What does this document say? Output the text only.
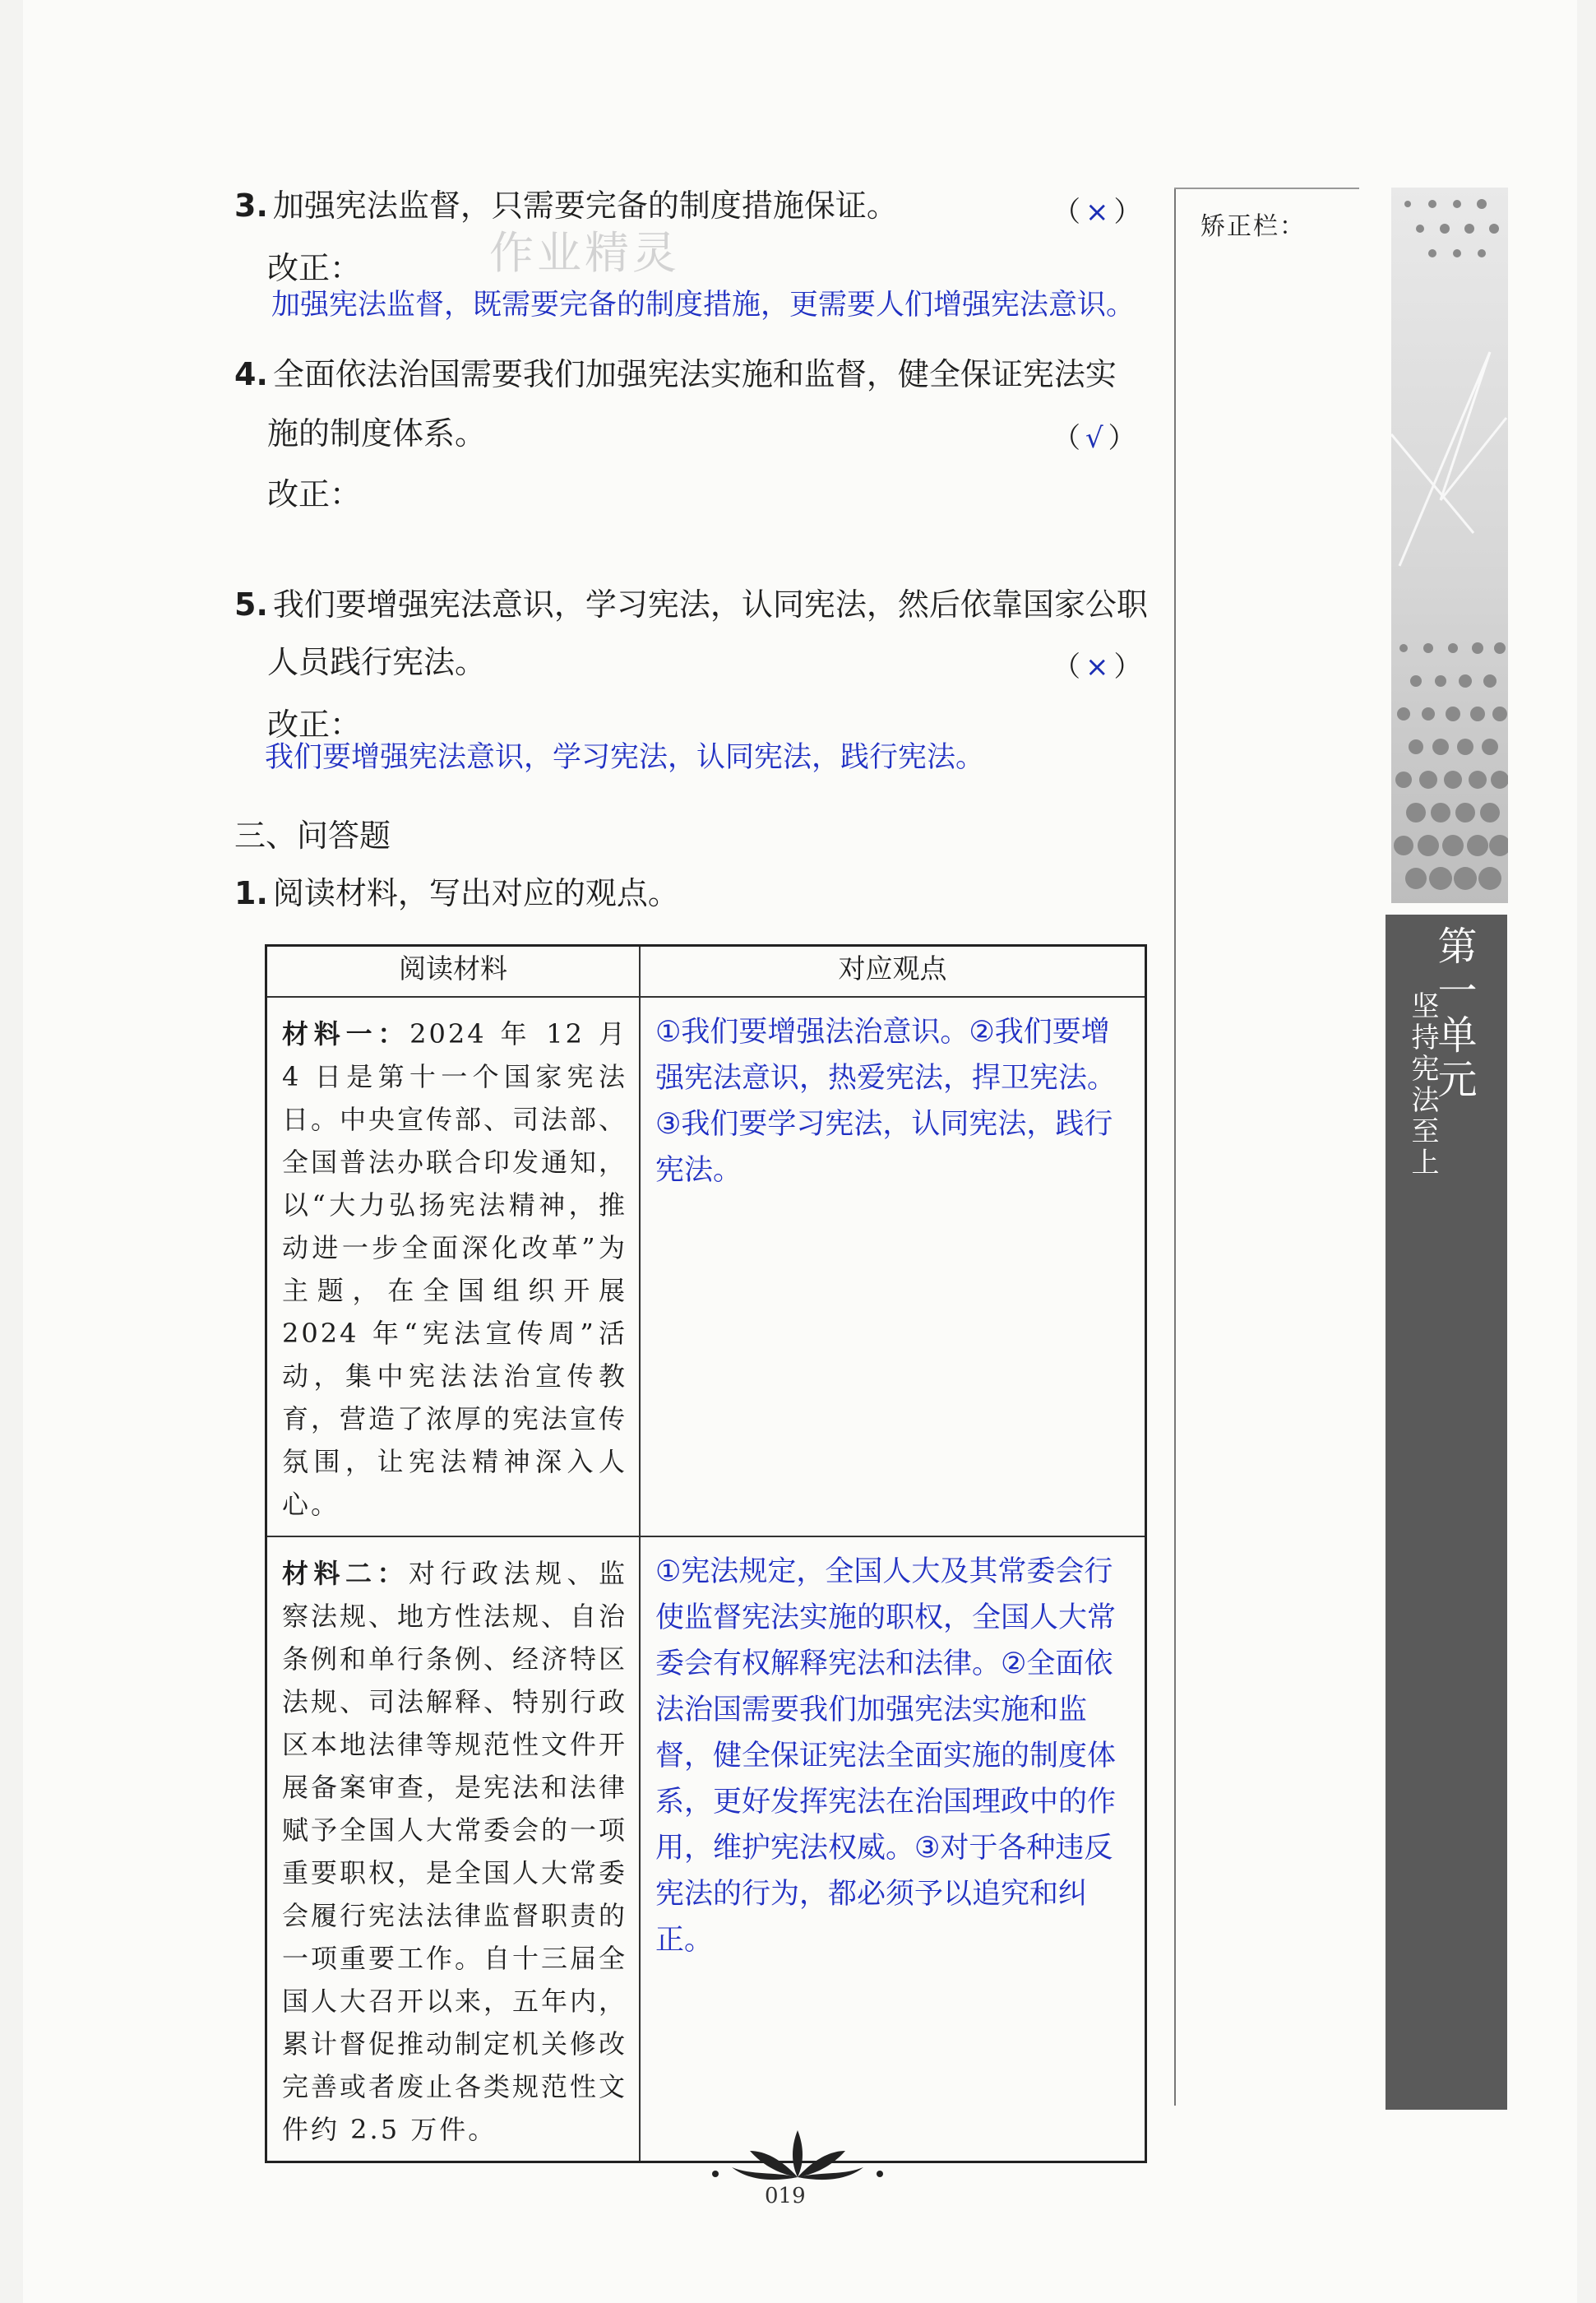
作业精灵
3. 加强宪法监督，只需要完备的制度措施保证。	（×）
改正：
加强宪法监督，既需要完备的制度措施，更需要人们增强宪法意识。
4. 全面依法治国需要我们加强宪法实施和监督，健全保证宪法实
施的制度体系。	（√）
改正：
5. 我们要增强宪法意识，学习宪法，认同宪法，然后依靠国家公职
人员践行宪法。	（×）
改正：
我们要增强宪法意识，学习宪法，认同宪法，践行宪法。
三、问答题
1. 阅读材料，写出对应的观点。
阅读材料	对应观点
材料一：2024 年 12 月 4 日是第十一个国家宪法日。中央宣传部、司法部、全国普法办联合印发通知，以“大力弘扬宪法精神，推动进一步全面深化改革”为主题，在全国组织开展 2024 年“宪法宣传周”活动，集中宪法法治宣传教育，营造了浓厚的宪法宣传氛围，让宪法精神深入人心。	①我们要增强法治意识。②我们要增强宪法意识，热爱宪法，捍卫宪法。③我们要学习宪法，认同宪法，践行宪法。
材料二：对行政法规、监察法规、地方性法规、自治条例和单行条例、经济特区法规、司法解释、特别行政区本地法律等规范性文件开展备案审查，是宪法和法律赋予全国人大常委会的一项重要职权，是全国人大常委会履行宪法法律监督职责的一项重要工作。自十三届全国人大召开以来，五年内，累计督促推动制定机关修改完善或者废止各类规范性文件约 2.5 万件。	①宪法规定，全国人大及其常委会行使监督宪法实施的职权，全国人大常委会有权解释宪法和法律。②全面依法治国需要我们加强宪法实施和监督，健全保证宪法全面实施的制度体系，更好发挥宪法在治国理政中的作用，维护宪法权威。③对于各种违反宪法的行为，都必须予以追究和纠正。
矫正栏：
第一单元
坚持宪法至上
019
